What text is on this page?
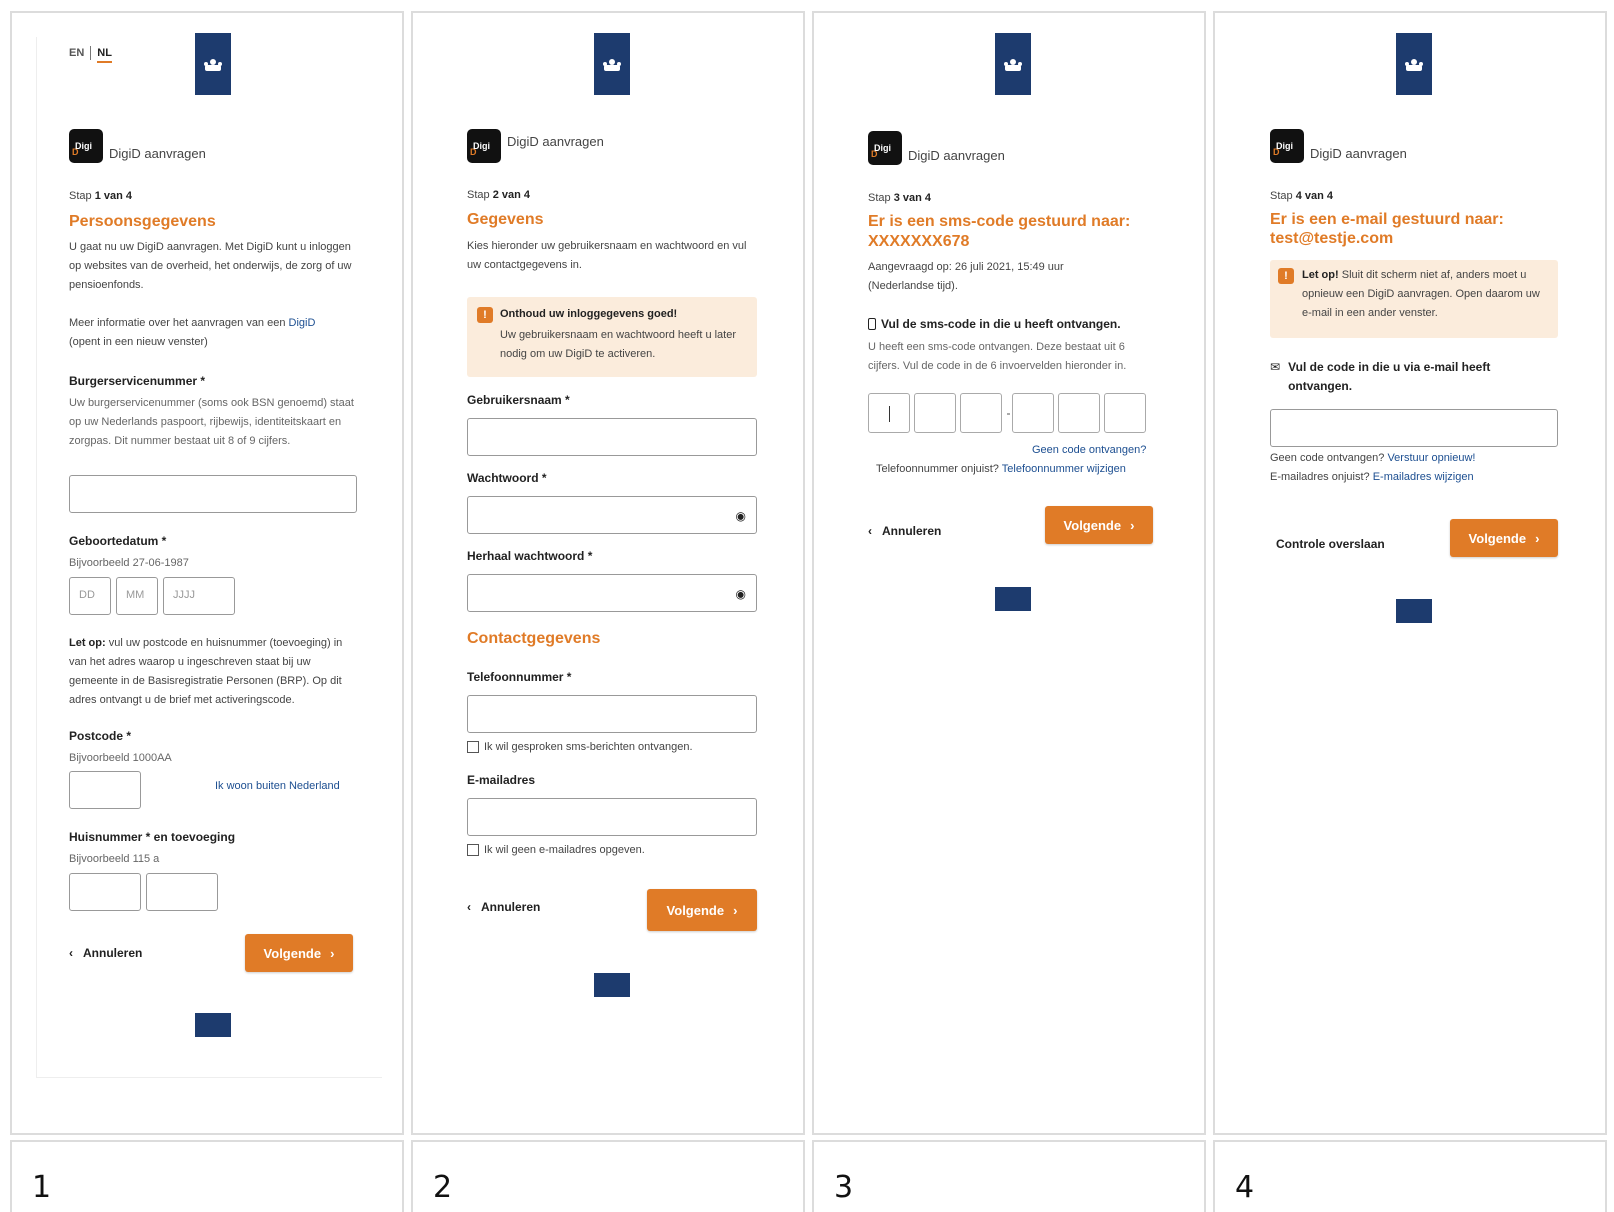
EN NL
Digi
D DigiD aanvragen
Stap 1 van 4
Persoonsgegevens
U gaat nu uw DigiD aanvragen. Met DigiD kunt u inloggen op websites van de overheid, het onderwijs, de zorg of uw pensioenfonds.
Meer informatie over het aanvragen van een DigiD
(opent in een nieuw venster)
Burgerservicenummer *
Uw burgerservicenummer (soms ook BSN genoemd) staat op uw Nederlands paspoort, rijbewijs, identiteitskaart en zorgpas. Dit nummer bestaat uit 8 of 9 cijfers.
Geboortedatum *
Bijvoorbeeld 27-06-1987
DD	MM	JJJJ
Let op: vul uw postcode en huisnummer (toevoeging) in van het adres waarop u ingeschreven staat bij uw gemeente in de Basisregistratie Personen (BRP). Op dit adres ontvangt u de brief met activeringscode.
Postcode *
Bijvoorbeeld 1000AA
Ik woon buiten Nederland
Huisnummer * en toevoeging
Bijvoorbeeld 115 a
‹ Annuleren	Volgende ›
Digi
D
DigiD aanvragen
Stap 2 van 4
Gegevens
Kies hieronder uw gebruikersnaam en wachtwoord en vul uw contactgegevens in.
!	Onthoud uw inloggegevens goed!
Uw gebruikersnaam en wachtwoord heeft u later nodig om uw DigiD te activeren.
Gebruikersnaam *
Wachtwoord *
◉
Herhaal wachtwoord *
◉
Contactgegevens
Telefoonnummer *
Ik wil gesproken sms-berichten ontvangen.
E-mailadres
Ik wil geen e-mailadres opgeven.
‹ Annuleren	Volgende ›
Digi
D DigiD aanvragen
Stap 3 van 4
Er is een sms-code gestuurd naar:
XXXXXXX678
Aangevraagd op: 26 juli 2021, 15:49 uur (Nederlandse tijd).
Vul de sms-code in die u heeft ontvangen.
U heeft een sms-code ontvangen. Deze bestaat uit 6 cijfers. Vul de code in de 6 invoervelden hieronder in.
Geen code ontvangen?
Telefoonnummer onjuist? Telefoonnummer wijzigen
‹ Annuleren	Volgende ›
Digi
D DigiD aanvragen
Stap 4 van 4
Er is een e-mail gestuurd naar:
test@testje.com
!	Let op! Sluit dit scherm niet af, anders moet u opnieuw een DigiD aanvragen. Open daarom uw e-mail in een ander venster.
✉ Vul de code in die u via e-mail heeft ontvangen.
Geen code ontvangen? Verstuur opnieuw!
E-mailadres onjuist? E-mailadres wijzigen
Controle overslaan	Volgende ›
1	2	3	4
